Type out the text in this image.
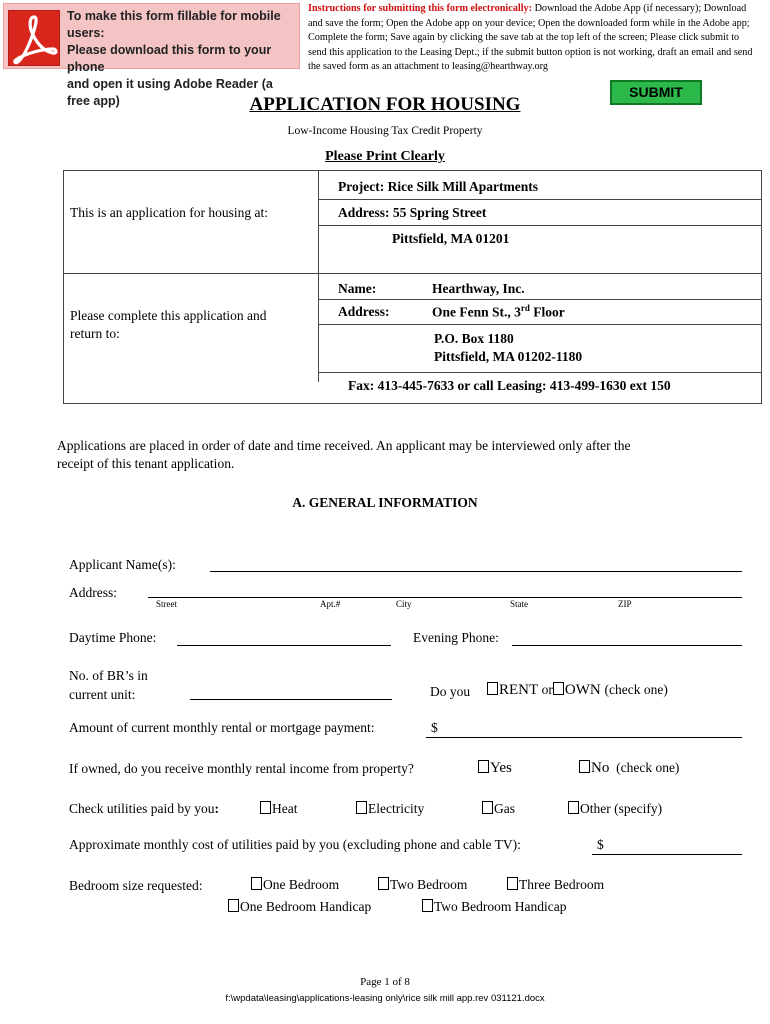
To make this form fillable for mobile users:
Please download this form to your phone
and open it using Adobe Reader (a free app)
Instructions for submitting this form electronically: Download the Adobe App (if necessary); Download and save the form; Open the Adobe app on your device; Open the downloaded form while in the Adobe app; Complete the form; Save again by clicking the save tab at the top left of the screen; Please click submit to send this application to the Leasing Dept.; if the submit button option is not working, draft an email and send the saved form as an attachment to leasing@hearthway.org
SUBMIT
APPLICATION FOR HOUSING
Low-Income Housing Tax Credit Property
Please Print Clearly
This is an application for housing at:
Project: Rice Silk Mill Apartments
Address: 55 Spring Street
Pittsfield, MA 01201
Please complete this application and
return to:
Name:	Hearthway, Inc.
Address:	One Fenn St., 3rd Floor
P.O. Box 1180
Pittsfield, MA 01202-1180
Fax: 413-445-7633 or call Leasing: 413-499-1630 ext 150
Applications are placed in order of date and time received. An applicant may be interviewed only after the
receipt of this tenant application.
A. GENERAL INFORMATION
Applicant Name(s):
Address:
Street	Apt.#	City	State	ZIP
Daytime Phone:	Evening Phone:
No. of BR’s in
current unit:	Do you	RENT or OWN (check one)
Amount of current monthly rental or mortgage payment:	$
If owned, do you receive monthly rental income from property?	Yes	No (check one)
Check utilities paid by you:	Heat	Electricity	Gas	Other (specify)
Approximate monthly cost of utilities paid by you (excluding phone and cable TV):	$
Bedroom size requested:	One Bedroom	Two Bedroom	Three Bedroom
One Bedroom Handicap	Two Bedroom Handicap
Page 1 of 8
f:\wpdata\leasing\applications-leasing only\rice silk mill app.rev 031121.docx
